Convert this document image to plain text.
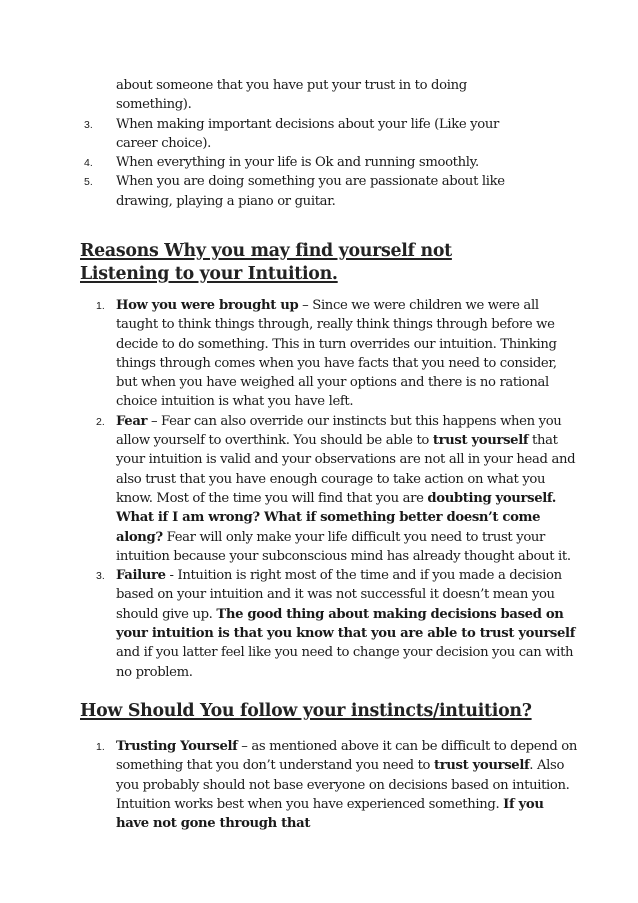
about someone that you have put your trust in to doing
something).
3. When making important decisions about your life (Like your
career choice).
4. When everything in your life is Ok and running smoothly.
5. When you are doing something you are passionate about like
drawing, playing a piano or guitar.
Reasons Why you may find yourself not
Listening to your Intuition.
1. How you were brought up – Since we were children we were all taught to think things through, really think things through before we decide to do something. This in turn overrides our intuition. Thinking things through comes when you have facts that you need to consider, but when you have weighed all your options and there is no rational choice intuition is what you have left.
2. Fear – Fear can also override our instincts but this happens when you allow yourself to overthink. You should be able to trust yourself that your intuition is valid and your observations are not all in your head and also trust that you have enough courage to take action on what you know. Most of the time you will find that you are doubting yourself. What if I am wrong? What if something better doesn’t come along? Fear will only make your life difficult you need to trust your intuition because your subconscious mind has already thought about it.
3. Failure - Intuition is right most of the time and if you made a decision based on your intuition and it was not successful it doesn’t mean you should give up. The good thing about making decisions based on your intuition is that you know that you are able to trust yourself and if you latter feel like you need to change your decision you can with no problem.
How Should You follow your instincts/intuition?
1. Trusting Yourself – as mentioned above it can be difficult to depend on something that you don’t understand you need to trust yourself. Also you probably should not base everyone on decisions based on intuition. Intuition works best when you have experienced something. If you have not gone through that
